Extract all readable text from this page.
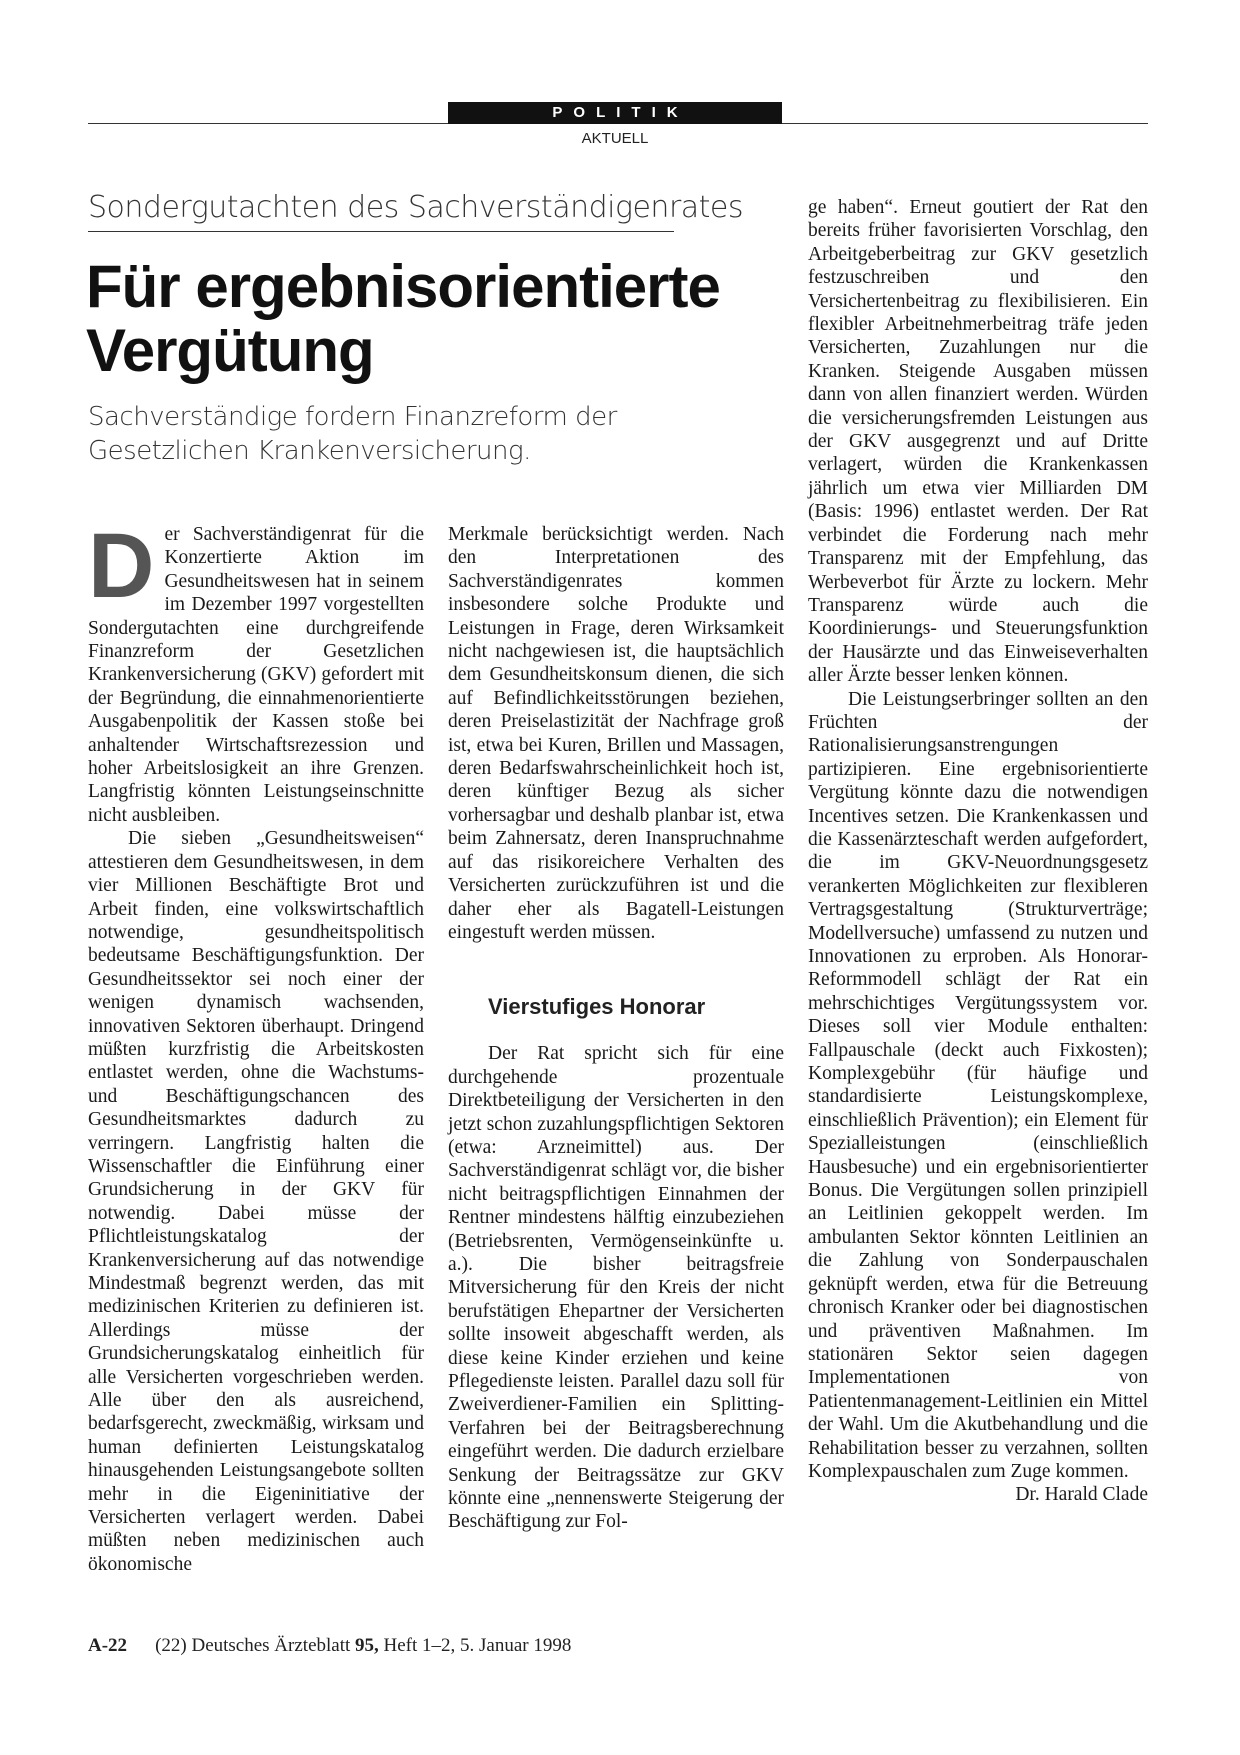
POLITIK
AKTUELL
Sondergutachten des Sachverständigenrates
Für ergebnisorientierte Vergütung
Sachverständige fordern Finanzreform der Gesetzlichen Krankenversicherung.

Der Sachverständigenrat für die Konzertierte Aktion im Gesundheitswesen hat in seinem im Dezember 1997 vorgestellten Sondergutachten eine durchgreifende Finanzreform der Gesetzlichen Krankenversicherung (GKV) gefordert mit der Begründung, die einnahmenorientierte Ausgabenpolitik der Kassen stoße bei anhaltender Wirtschaftsrezession und hoher Arbeitslosigkeit an ihre Grenzen. Langfristig könnten Leistungseinschnitte nicht ausbleiben.

Die sieben „Gesundheitsweisen“ attestieren dem Gesundheitswesen, in dem vier Millionen Beschäftigte Brot und Arbeit finden, eine volkswirtschaftlich notwendige, gesundheitspolitisch bedeutsame Beschäftigungsfunktion. Der Gesundheitssektor sei noch einer der wenigen dynamisch wachsenden, innovativen Sektoren überhaupt. Dringend müßten kurzfristig die Arbeitskosten entlastet werden, ohne die Wachstums- und Beschäftigungschancen des Gesundheitsmarktes dadurch zu verringern. Langfristig halten die Wissenschaftler die Einführung einer Grundsicherung in der GKV für notwendig. Dabei müsse der Pflichtleistungskatalog der Krankenversicherung auf das notwendige Mindestmaß begrenzt werden, das mit medizinischen Kriterien zu definieren ist. Allerdings müsse der Grundsicherungskatalog einheitlich für alle Versicherten vorgeschrieben werden. Alle über den als ausreichend, bedarfsgerecht, zweckmäßig, wirksam und human definierten Leistungskatalog hinausgehenden Leistungsangebote sollten mehr in die Eigeninitiative der Versicherten verlagert werden. Dabei müßten neben medizinischen auch ökonomische

Merkmale berücksichtigt werden. Nach den Interpretationen des Sachverständigenrates kommen insbesondere solche Produkte und Leistungen in Frage, deren Wirksamkeit nicht nachgewiesen ist, die hauptsächlich dem Gesundheitskonsum dienen, die sich auf Befindlichkeitsstörungen beziehen, deren Preiselastizität der Nachfrage groß ist, etwa bei Kuren, Brillen und Massagen, deren Bedarfswahrscheinlichkeit hoch ist, deren künftiger Bezug als sicher vorhersagbar und deshalb planbar ist, etwa beim Zahnersatz, deren Inanspruchnahme auf das risikoreichere Verhalten des Versicherten zurückzuführen ist und die daher eher als Bagatell-Leistungen eingestuft werden müssen.

Vierstufiges Honorar

Der Rat spricht sich für eine durchgehende prozentuale Direktbeteiligung der Versicherten in den jetzt schon zuzahlungspflichtigen Sektoren (etwa: Arzneimittel) aus. Der Sachverständigenrat schlägt vor, die bisher nicht beitragspflichtigen Einnahmen der Rentner mindestens hälftig einzubeziehen (Betriebsrenten, Vermögenseinkünfte u. a.). Die bisher beitragsfreie Mitversicherung für den Kreis der nicht berufstätigen Ehepartner der Versicherten sollte insoweit abgeschafft werden, als diese keine Kinder erziehen und keine Pflegedienste leisten. Parallel dazu soll für Zweiverdiener-Familien ein Splitting-Verfahren bei der Beitragsberechnung eingeführt werden. Die dadurch erzielbare Senkung der Beitragssätze zur GKV könnte eine „nennenswerte Steigerung der Beschäftigung zur Fol-

ge haben“. Erneut goutiert der Rat den bereits früher favorisierten Vorschlag, den Arbeitgeberbeitrag zur GKV gesetzlich festzuschreiben und den Versichertenbeitrag zu flexibilisieren. Ein flexibler Arbeitnehmerbeitrag träfe jeden Versicherten, Zuzahlungen nur die Kranken. Steigende Ausgaben müssen dann von allen finanziert werden. Würden die versicherungsfremden Leistungen aus der GKV ausgegrenzt und auf Dritte verlagert, würden die Krankenkassen jährlich um etwa vier Milliarden DM (Basis: 1996) entlastet werden. Der Rat verbindet die Forderung nach mehr Transparenz mit der Empfehlung, das Werbeverbot für Ärzte zu lockern. Mehr Transparenz würde auch die Koordinierungs- und Steuerungsfunktion der Hausärzte und das Einweiseverhalten aller Ärzte besser lenken können.

Die Leistungserbringer sollten an den Früchten der Rationalisierungsanstrengungen partizipieren. Eine ergebnisorientierte Vergütung könnte dazu die notwendigen Incentives setzen. Die Krankenkassen und die Kassenärzteschaft werden aufgefordert, die im GKV-Neuordnungsgesetz verankerten Möglichkeiten zur flexibleren Vertragsgestaltung (Strukturverträge; Modellversuche) umfassend zu nutzen und Innovationen zu erproben. Als Honorar-Reformmodell schlägt der Rat ein mehrschichtiges Vergütungssystem vor. Dieses soll vier Module enthalten: Fallpauschale (deckt auch Fixkosten); Komplexgebühr (für häufige und standardisierte Leistungskomplexe, einschließlich Prävention); ein Element für Spezialleistungen (einschließlich Hausbesuche) und ein ergebnisorientierter Bonus. Die Vergütungen sollen prinzipiell an Leitlinien gekoppelt werden. Im ambulanten Sektor könnten Leitlinien an die Zahlung von Sonderpauschalen geknüpft werden, etwa für die Betreuung chronisch Kranker oder bei diagnostischen und präventiven Maßnahmen. Im stationären Sektor seien dagegen Implementationen von Patientenmanagement-Leitlinien ein Mittel der Wahl. Um die Akutbehandlung und die Rehabilitation besser zu verzahnen, sollten Komplexpauschalen zum Zuge kommen.
Dr. Harald Clade

A-22 (22) Deutsches Ärzteblatt 95, Heft 1–2, 5. Januar 1998
